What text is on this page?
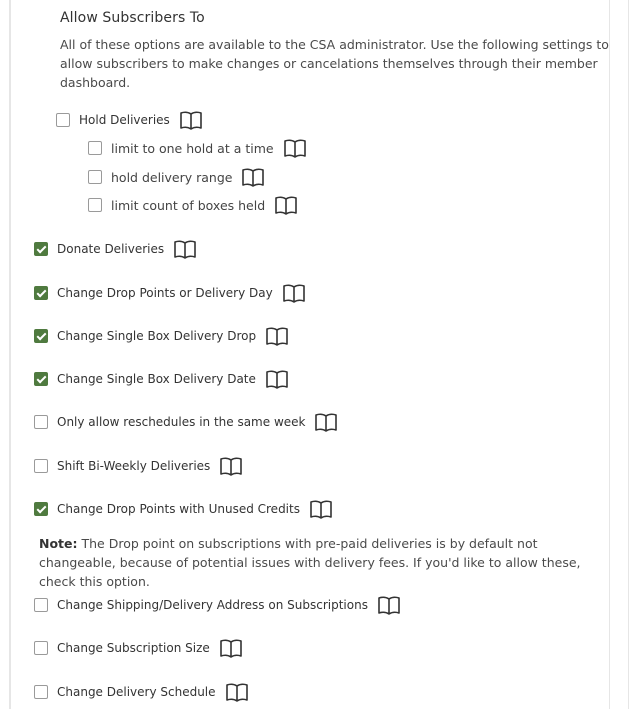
Allow Subscribers To
All of these options are available to the CSA administrator. Use the following settings to allow subscribers to make changes or cancelations themselves through their member dashboard.
Hold Deliveries
limit to one hold at a time
hold delivery range
limit count of boxes held
Donate Deliveries
Change Drop Points or Delivery Day
Change Single Box Delivery Drop
Change Single Box Delivery Date
Only allow reschedules in the same week
Shift Bi-Weekly Deliveries
Change Drop Points with Unused Credits
Note: The Drop point on subscriptions with pre-paid deliveries is by default not changeable, because of potential issues with delivery fees. If you'd like to allow these, check this option.
Change Shipping/Delivery Address on Subscriptions
Change Subscription Size
Change Delivery Schedule
